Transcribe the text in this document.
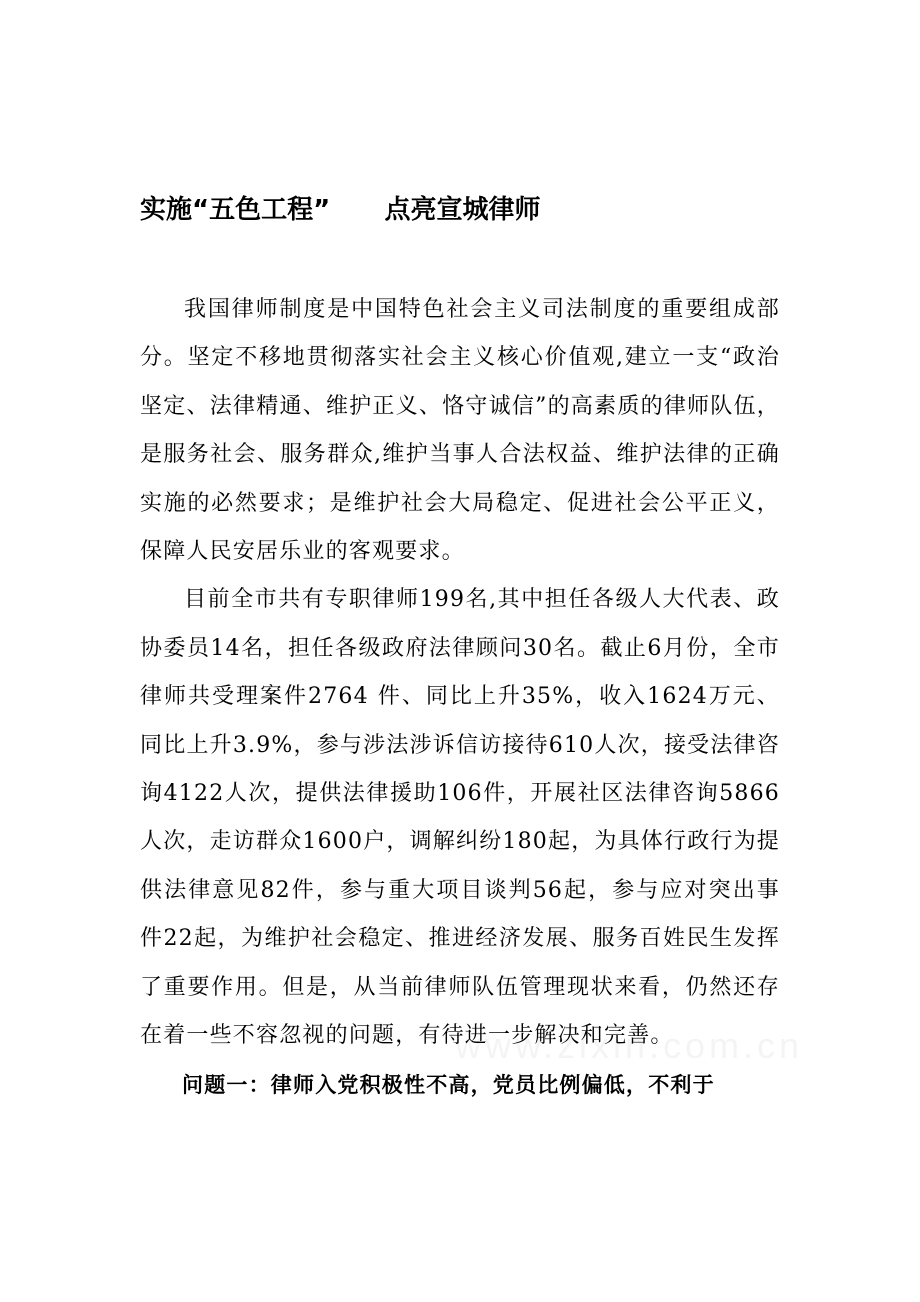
实施“五色工程”      点亮宣城律师

我国律师制度是中国特色社会主义司法制度的重要组成部分。坚定不移地贯彻落实社会主义核心价值观,建立一支“政治坚定、法律精通、维护正义、恪守诚信”的高素质的律师队伍，是服务社会、服务群众,维护当事人合法权益、维护法律的正确实施的必然要求；是维护社会大局稳定、促进社会公平正义，保障人民安居乐业的客观要求。

目前全市共有专职律师199名,其中担任各级人大代表、政协委员14名，担任各级政府法律顾问30名。截止6月份，全市律师共受理案件2764 件、同比上升35%，收入1624万元、同比上升3.9%，参与涉法涉诉信访接待610人次，接受法律咨询4122人次，提供法律援助106件，开展社区法律咨询5866人次，走访群众1600户，调解纠纷180起，为具体行政行为提供法律意见82件，参与重大项目谈判56起，参与应对突出事件22起，为维护社会稳定、推进经济发展、服务百姓民生发挥了重要作用。但是，从当前律师队伍管理现状来看，仍然还存在着一些不容忽视的问题，有待进一步解决和完善。

问题一：律师入党积极性不高，党员比例偏低，不利于
